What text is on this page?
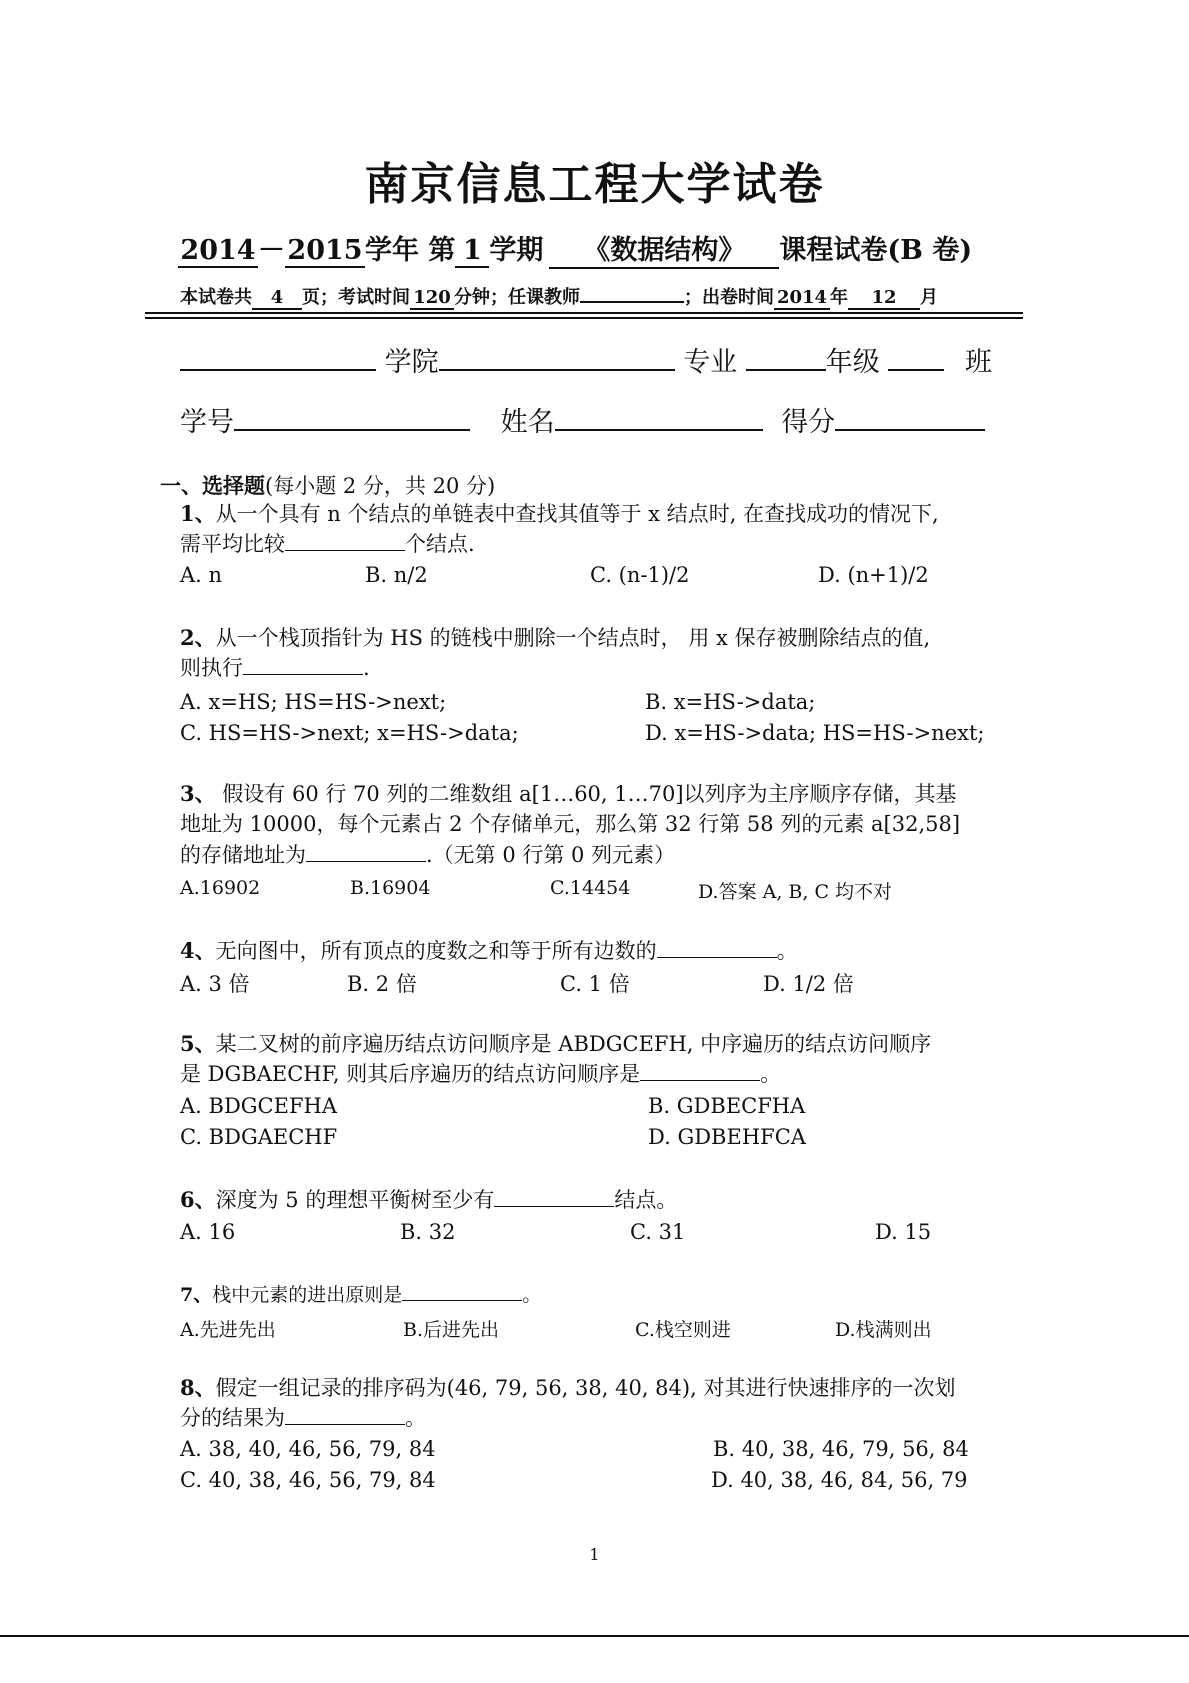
南京信息工程大学试卷
2014－2015学年 第 1 学期 《数据结构》 课程试卷(B 卷)
本试卷共 4 页；考试时间 120 分钟；任课教师	；出卷时间 2014 年 12 月
学院	专业	年级	班
学号	姓名	得分
一、选择题(每小题 2 分，共 20 分)
1、从一个具有 n 个结点的单链表中查找其值等于 x 结点时, 在查找成功的情况下,
需平均比较	个结点.
A. n	B. n/2	C. (n-1)/2	D. (n+1)/2
2、从一个栈顶指针为 HS 的链栈中删除一个结点时， 用 x 保存被删除结点的值,
则执行	.
A. x=HS; HS=HS->next;	B. x=HS->data;
C. HS=HS->next; x=HS->data;	D. x=HS->data; HS=HS->next;
3、 假设有 60 行 70 列的二维数组 a[1…60, 1…70]以列序为主序顺序存储，其基
地址为 10000，每个元素占 2 个存储单元，那么第 32 行第 58 列的元素 a[32,58]
的存储地址为	.（无第 0 行第 0 列元素）
A.16902	B.16904	C.14454	D.答案 A, B, C 均不对
4、无向图中，所有顶点的度数之和等于所有边数的	。
A. 3 倍	B. 2 倍	C. 1 倍	D. 1/2 倍
5、某二叉树的前序遍历结点访问顺序是 ABDGCEFH, 中序遍历的结点访问顺序
是 DGBAECHF, 则其后序遍历的结点访问顺序是	。
A. BDGCEFHA	B. GDBECFHA
C. BDGAECHF	D. GDBEHFCA
6、深度为 5 的理想平衡树至少有	结点。
A. 16	B. 32	C. 31	D. 15
7、栈中元素的进出原则是	。
A.先进先出	B.后进先出	C.栈空则进	D.栈满则出
8、假定一组记录的排序码为(46, 79, 56, 38, 40, 84), 对其进行快速排序的一次划
分的结果为	。
A. 38, 40, 46, 56, 79, 84	B. 40, 38, 46, 79, 56, 84
C. 40, 38, 46, 56, 79, 84	D. 40, 38, 46, 84, 56, 79
1
